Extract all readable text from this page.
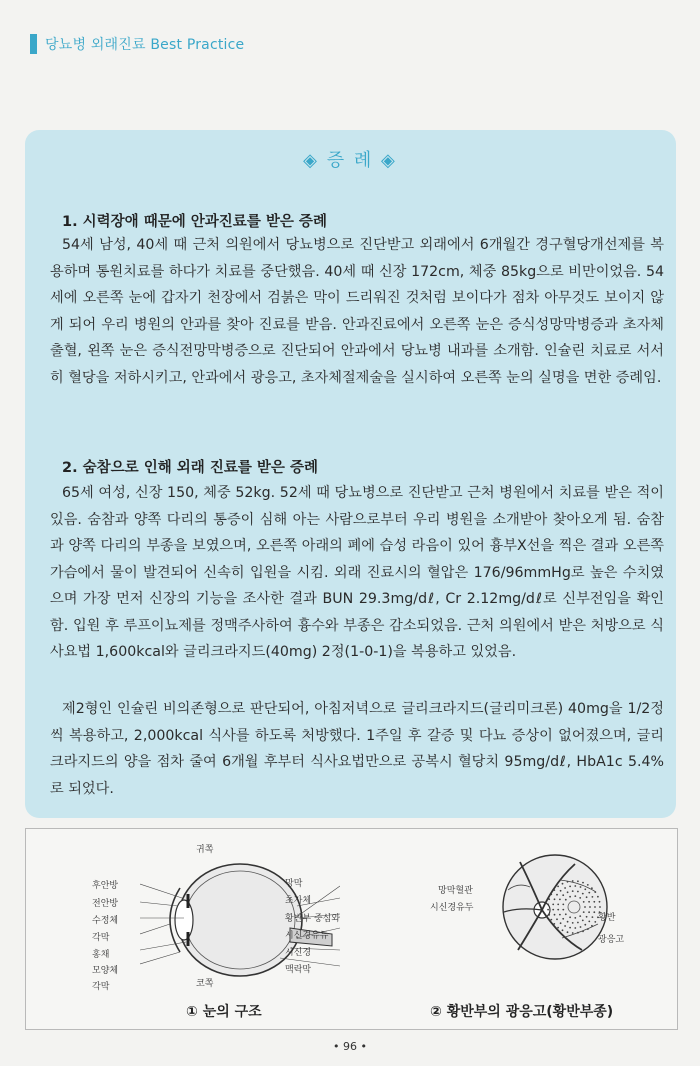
당뇨병 외래진료 Best Practice
◈ 증 례 ◈
1. 시력장애 때문에 안과진료를 받은 증례

54세 남성, 40세 때 근처 의원에서 당뇨병으로 진단받고 외래에서 6개월간 경구혈당개선제를 복용하며 통원치료를 하다가 치료를 중단했음. 40세 때 신장 172cm, 체중 85kg으로 비만이었음. 54세에 오른쪽 눈에 갑자기 천장에서 검붉은 막이 드리워진 것처럼 보이다가 점차 아무것도 보이지 않게 되어 우리 병원의 안과를 찾아 진료를 받음. 안과진료에서 오른쪽 눈은 증식성망막병증과 초자체 출혈, 왼쪽 눈은 증식전망막병증으로 진단되어 안과에서 당뇨병 내과를 소개함. 인슐린 치료로 서서히 혈당을 저하시키고, 안과에서 광응고, 초자체절제술을 실시하여 오른쪽 눈의 실명을 면한 증례임.

2. 숨참으로 인해 외래 진료를 받은 증례

65세 여성, 신장 150, 체중 52kg. 52세 때 당뇨병으로 진단받고 근처 병원에서 치료를 받은 적이 있음. 숨참과 양쪽 다리의 통증이 심해 아는 사람으로부터 우리 병원을 소개받아 찾아오게 됨. 숨참과 양쪽 다리의 부종을 보였으며, 오른쪽 아래의 폐에 습성 라음이 있어 흉부X선을 찍은 결과 오른쪽 가슴에서 물이 발견되어 신속히 입원을 시킴. 외래 진료시의 혈압은 176/96mmHg로 높은 수치였으며 가장 먼저 신장의 기능을 조사한 결과 BUN 29.3mg/dℓ, Cr 2.12mg/dℓ로 신부전임을 확인함. 입원 후 루프이뇨제를 정맥주사하여 흉수와 부종은 감소되었음. 근처 의원에서 받은 처방으로 식사요법 1,600kcal와 글리크라지드(40mg) 2정(1-0-1)을 복용하고 있었음.

제2형인 인슐린 비의존형으로 판단되어, 아침저녁으로 글리크라지드(글리미크론) 40mg을 1/2정씩 복용하고, 2,000kcal 식사를 하도록 처방했다. 1주일 후 갈증 및 다뇨 증상이 없어졌으며, 글리크라지드의 양을 점차 줄여 6개월 후부터 식사요법만으로 공복시 혈당치 95mg/dℓ, HbA1c 5.4%로 되었다.

귀쪽
후안방
전안방
수정체
각막
홍채
모양체
각막
망막
초자체
황반부 중심와
시신경유듀
시신경
맥락막
코쪽
① 눈의 구조
망막혈관
시신경유두
황반
광응고
② 황반부의 광응고(황반부종)
• 96 •
